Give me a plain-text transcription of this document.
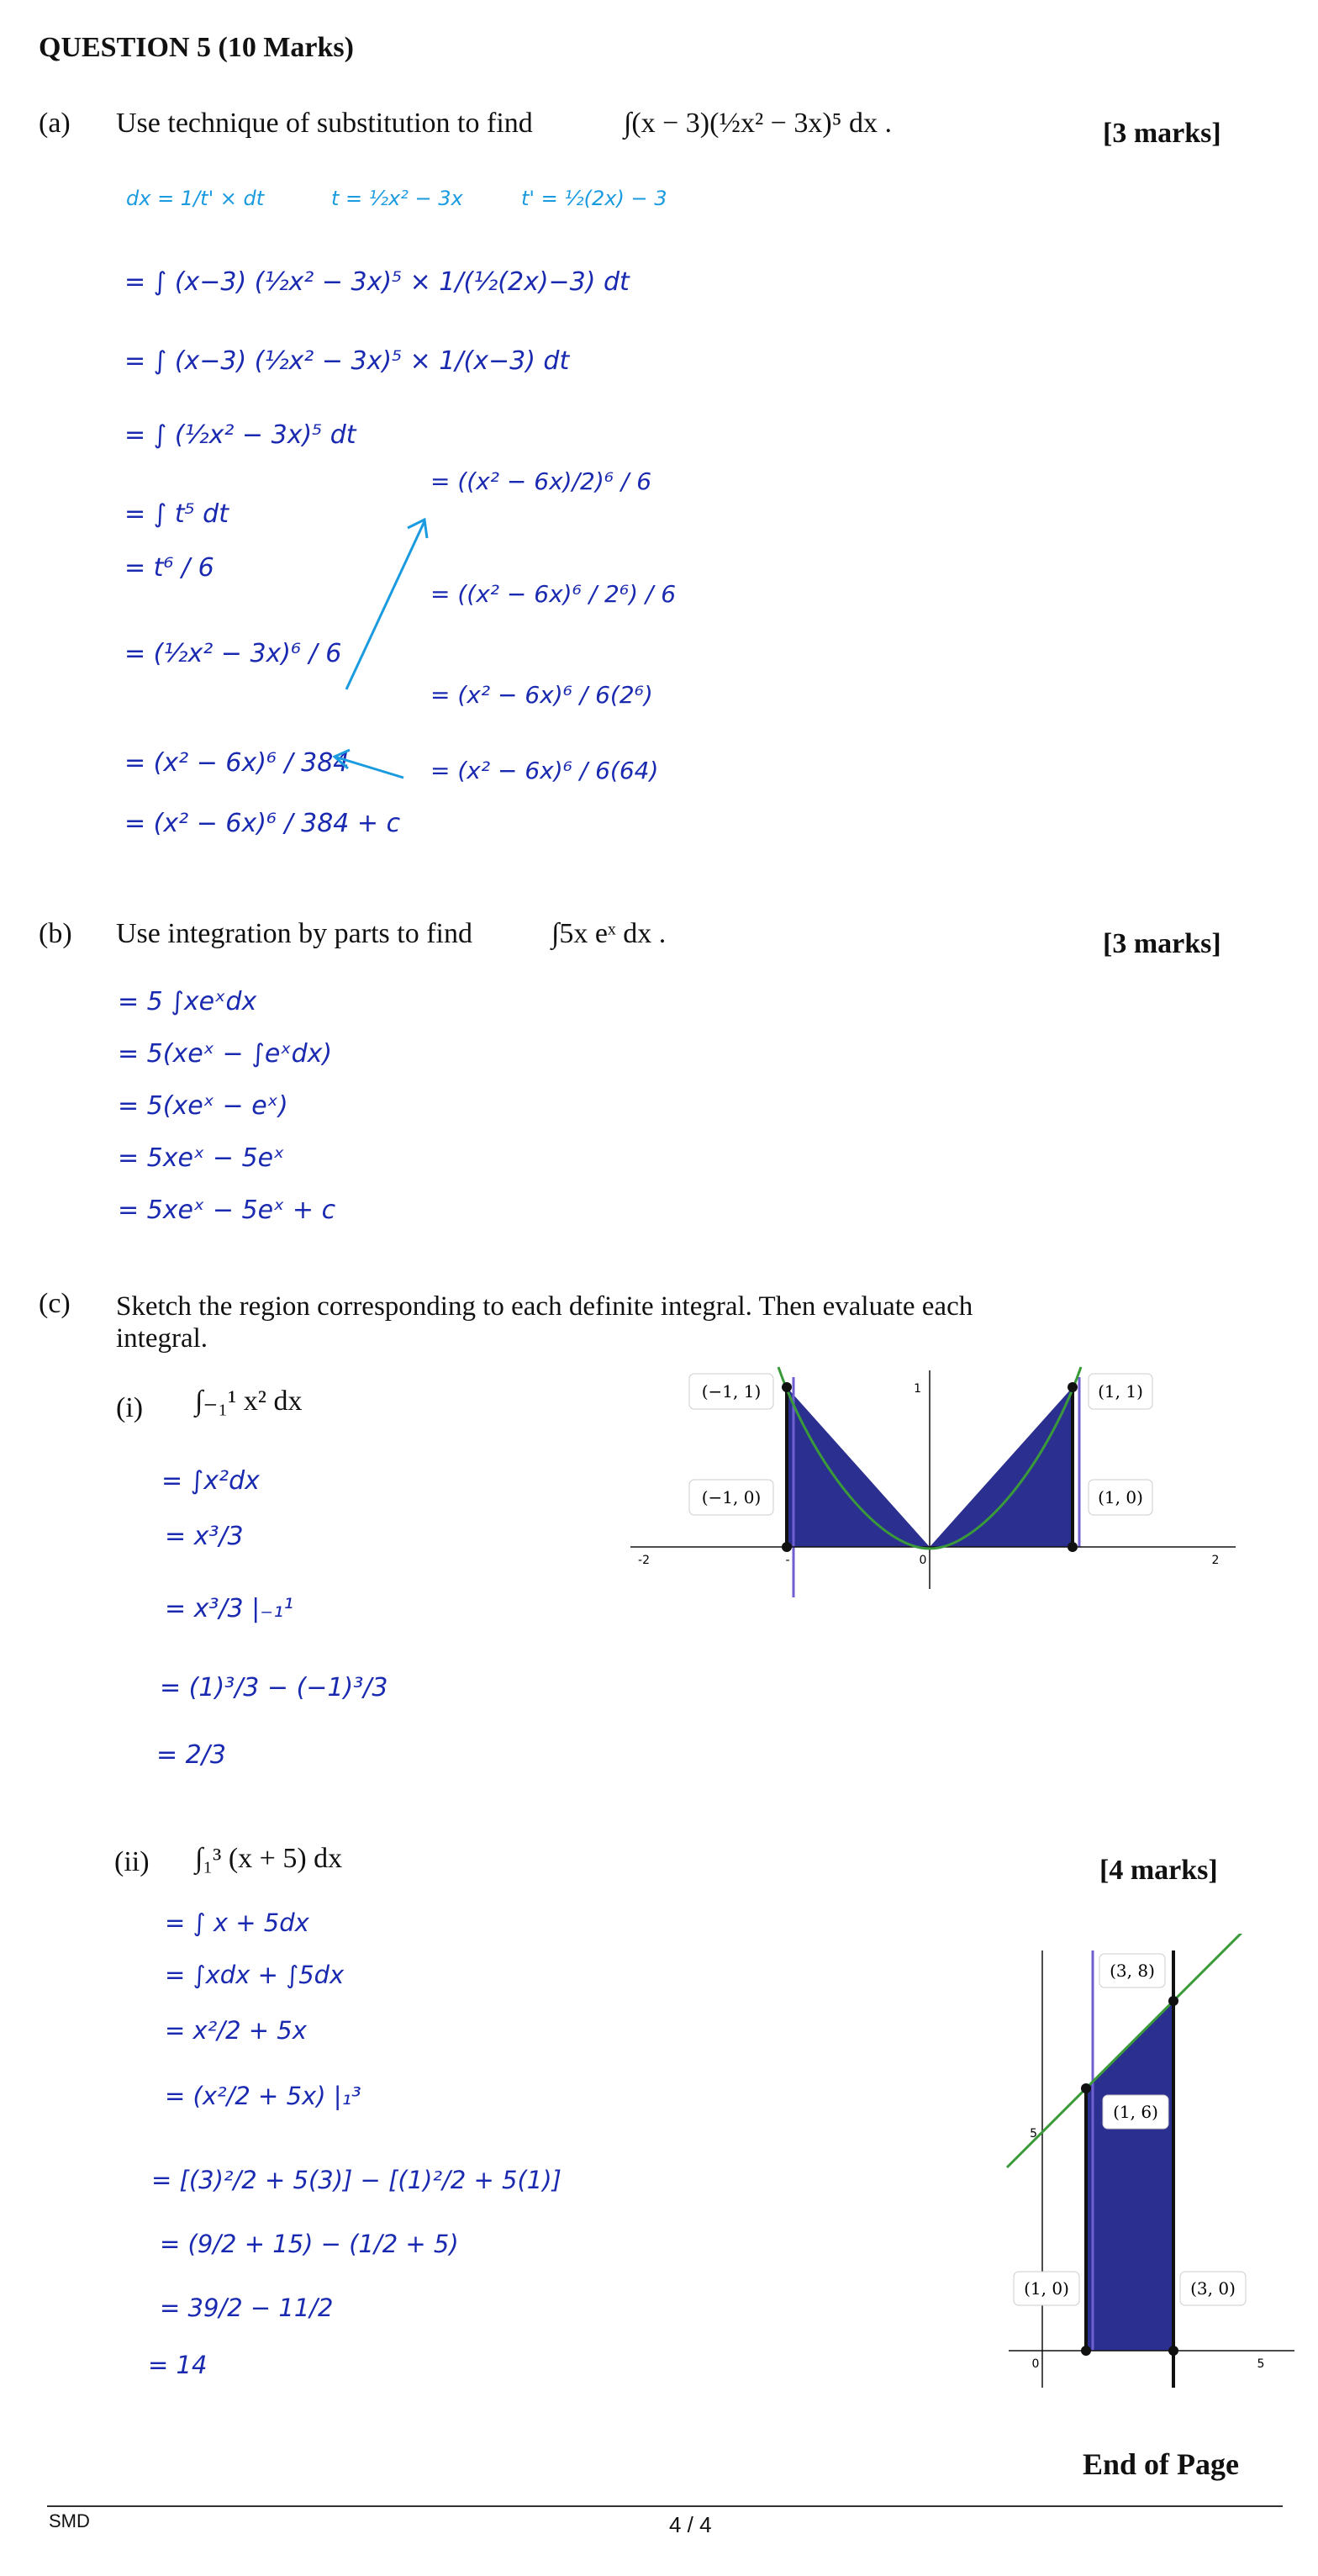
QUESTION 5 (10 Marks)
(a) Use technique of substitution to find	∫(x − 3)(½x² − 3x)⁵ dx .	[3 marks]
dx = 1/t' × dt	t = ½x² − 3x	t' = ½(2x) − 3
= ∫ (x−3) (½x² − 3x)⁵ × 1/(½(2x)−3) dt
= ∫ (x−3) (½x² − 3x)⁵ × 1/(x−3) dt
= ∫ (½x² − 3x)⁵ dt
= ∫ t⁵ dt
= t⁶ / 6
= (½x² − 3x)⁶ / 6
= (x² − 6x)⁶ / 384
= (x² − 6x)⁶ / 384 + c
= ((x² − 6x)/2)⁶ / 6
= ((x² − 6x)⁶ / 2⁶) / 6
= (x² − 6x)⁶ / 6(2⁶)
= (x² − 6x)⁶ / 6(64)
(b) Use integration by parts to find	∫5x eˣ dx .	[3 marks]
= 5 ∫xeˣdx
= 5(xeˣ − ∫eˣdx)
= 5(xeˣ − eˣ)
= 5xeˣ − 5eˣ
= 5xeˣ − 5eˣ + c
(c) Sketch the region corresponding to each definite integral. Then evaluate each
integral.
(i) ∫₋₁¹ x² dx
= ∫x²dx
= x³/3
= x³/3 |₋₁¹
= (1)³/3 − (−1)³/3
= 2/3
(−1, 1)	(1, 1)
(−1, 0)	(1, 0)
-2	-	0	2
1
(ii) ∫₁³ (x + 5) dx	[4 marks]
= ∫ x + 5dx
= ∫xdx + ∫5dx
= x²/2 + 5x
= (x²/2 + 5x) |₁³
= [(3)²/2 + 5(3)] − [(1)²/2 + 5(1)]
= (9/2 + 15) − (1/2 + 5)
= 39/2 − 11/2
= 14
(3, 8)
(1, 6)
(1, 0)	(3, 0)
0	5
5
End of Page
SMD	4 / 4
